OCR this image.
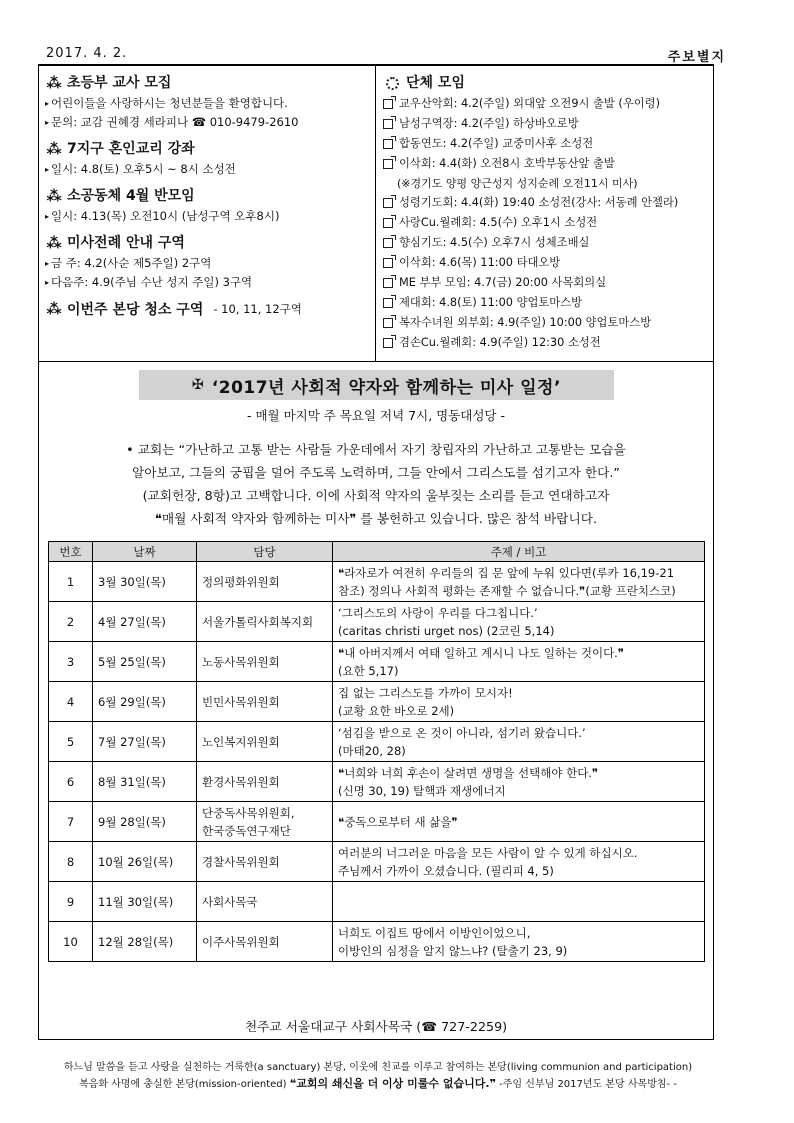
2017. 4. 2.	주보별지
⁂ 초등부 교사 모집
▸ 어린이들을 사랑하시는 청년분들을 환영합니다.
▸ 문의: 교감 권혜경 세라피나 ☎ 010-9479-2610
⁂ 7지구 혼인교리 강좌
▸ 일시: 4.8(토) 오후5시 ~ 8시 소성전
⁂ 소공동체 4월 반모임
▸ 일시: 4.13(목) 오전10시 (남성구역 오후8시)
⁂ 미사전례 안내 구역
▸ 금 주: 4.2(사순 제5주일) 2구역
▸ 다음주: 4.9(주님 수난 성지 주일) 3구역
⁂ 이번주 본당 청소 구역 - 10, 11, 12구역
단체 모임
교우산악회: 4.2(주일) 외대앞 오전9시 출발 (우이령)
남성구역장: 4.2(주일) 하상바오로방
합동연도: 4.2(주일) 교중미사후 소성전
이삭회: 4.4(화) 오전8시 호박부동산앞 출발
(※경기도 양평 양근성지 성지순례 오전11시 미사)
성령기도회: 4.4(화) 19:40 소성전(강사: 서동례 안젤라)
사랑Cu.월례회: 4.5(수) 오후1시 소성전
향심기도: 4.5(수) 오후7시 성체조배실
이삭회: 4.6(목) 11:00 타대오방
ME 부부 모임: 4.7(금) 20:00 사목회의실
제대회: 4.8(토) 11:00 양업토마스방
복자수녀원 외부회: 4.9(주일) 10:00 양업토마스방
겸손Cu.월례회: 4.9(주일) 12:30 소성전
✠ ‘2017년 사회적 약자와 함께하는 미사 일정’
- 매월 마지막 주 목요일 저녁 7시, 명동대성당 -
• 교회는 “가난하고 고통 받는 사람들 가운데에서 자기 창립자의 가난하고 고통받는 모습을
알아보고, 그들의 궁핍을 덜어 주도록 노력하며, 그들 안에서 그리스도를 섬기고자 한다.”
(교회헌장, 8항)고 고백합니다. 이에 사회적 약자의 울부짖는 소리를 듣고 연대하고자
❝매월 사회적 약자와 함께하는 미사❞ 를 봉헌하고 있습니다. 많은 참석 바랍니다.
번호	날짜	담당	주제 / 비고
1	3월 30일(목)	정의평화위원회	❝라자로가 여전히 우리들의 집 문 앞에 누워 있다면(루카 16,19-21
참조) 정의나 사회적 평화는 존재할 수 없습니다.❞(교황 프란치스코)

2	4월 27일(목)	서울가톨릭사회복지회	‘그리스도의 사랑이 우리를 다그칩니다.’
(caritas christi urget nos) (2코린 5,14)

3	5월 25일(목)	노동사목위원회	❝내 아버지께서 여태 일하고 계시니 나도 일하는 것이다.❞
(요한 5,17)

4	6월 29일(목)	빈민사목위원회	집 없는 그리스도를 가까이 모시자!
(교황 요한 바오로 2세)

5	7월 27일(목)	노인복지위원회	‘섬김을 받으로 온 것이 아니라, 섬기러 왔습니다.’
(마태20, 28)

6	8월 31일(목)	환경사목위원회	❝너희와 너희 후손이 살려면 생명을 선택해야 한다.❞
(신명 30, 19) 탈핵과 재생에너지

7	9월 28일(목)	단중독사목위원회,
한국중독연구재단	❝중독으로부터 새 삶을❞

8	10월 26일(목)	경찰사목위원회	여러분의 너그러운 마음을 모든 사람이 알 수 있게 하십시오.
주님께서 가까이 오셨습니다. (필리피 4, 5)

9	11월 30일(목)	사회사목국	

10	12월 28일(목)	이주사목위원회	너희도 이집트 땅에서 이방인이었으니,
이방인의 심정을 알지 않느냐? (탈출기 23, 9)
천주교 서울대교구 사회사목국 (☎ 727-2259)
하느님 말씀을 듣고 사랑을 실천하는 거룩한(a sanctuary) 본당, 이웃에 친교를 이루고 참여하는 본당(living communion and participation)
복음화 사명에 충실한 본당(mission-oriented) ❝교회의 쇄신을 더 이상 미룰수 없습니다.❞ -주임 신부님 2017년도 본당 사목방침- -
